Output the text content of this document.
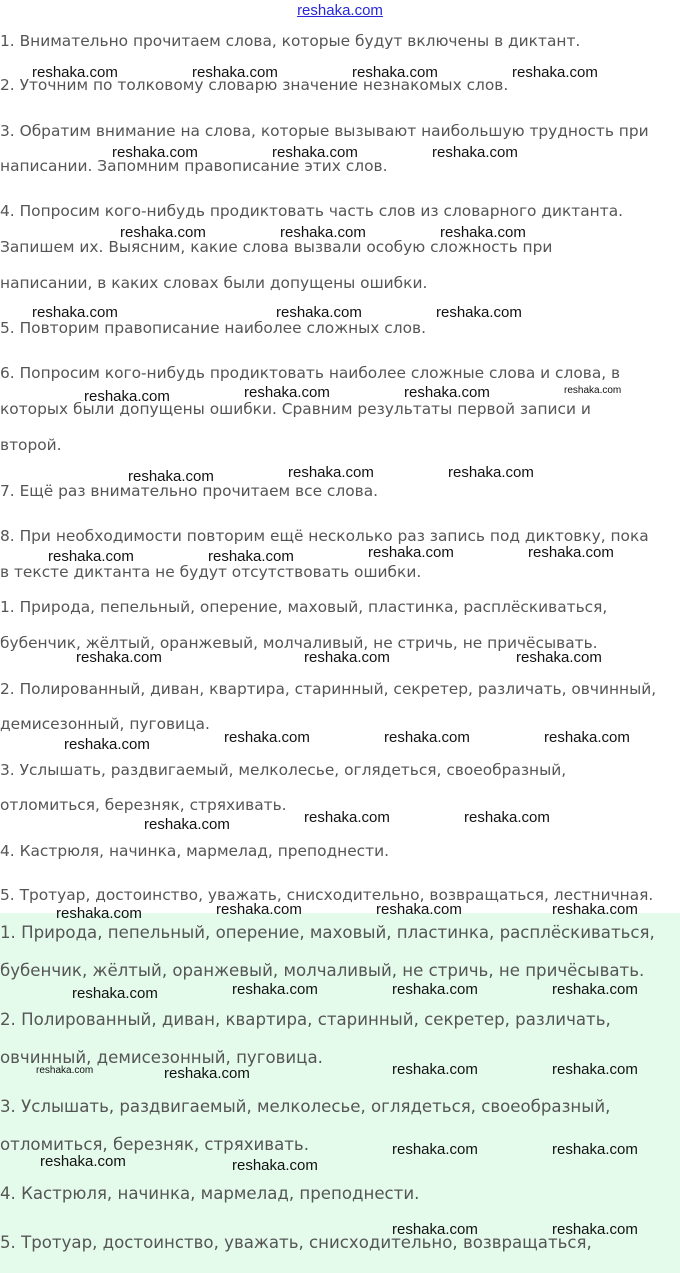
reshaka.com
1. Внимательно прочитаем слова, которые будут включены в диктант.
2. Уточним по толковому словарю значение незнакомых слов.
3. Обратим внимание на слова, которые вызывают наибольшую трудность при
написании. Запомним правописание этих слов.
4. Попросим кого-нибудь продиктовать часть слов из словарного диктанта.
Запишем их. Выясним, какие слова вызвали особую сложность при
написании, в каких словах были допущены ошибки.
5. Повторим правописание наиболее сложных слов.
6. Попросим кого-нибудь продиктовать наиболее сложные слова и слова, в
которых были допущены ошибки. Сравним результаты первой записи и
второй.
7. Ещё раз внимательно прочитаем все слова.
8. При необходимости повторим ещё несколько раз запись под диктовку, пока
в тексте диктанта не будут отсутствовать ошибки.
1. Природа, пепельный, оперение, маховый, пластинка, расплёскиваться,
бубенчик, жёлтый, оранжевый, молчаливый, не стричь, не причёсывать.
2. Полированный, диван, квартира, старинный, секретер, различать, овчинный,
демисезонный, пуговица.
3. Услышать, раздвигаемый, мелколесье, оглядеться, своеобразный,
отломиться, березняк, стряхивать.
4. Кастрюля, начинка, мармелад, преподнести.
5. Тротуар, достоинство, уважать, снисходительно, возвращаться, лестничная.
1. Природа, пепельный, оперение, маховый, пластинка, расплёскиваться,
бубенчик, жёлтый, оранжевый, молчаливый, не стричь, не причёсывать.
2. Полированный, диван, квартира, старинный, секретер, различать,
овчинный, демисезонный, пуговица.
3. Услышать, раздвигаемый, мелколесье, оглядеться, своеобразный,
отломиться, березняк, стряхивать.
4. Кастрюля, начинка, мармелад, преподнести.
5. Тротуар, достоинство, уважать, снисходительно, возвращаться,
reshaka.com	reshaka.com	reshaka.com	reshaka.com
reshaka.com	reshaka.com	reshaka.com
reshaka.com	reshaka.com	reshaka.com
reshaka.com	reshaka.com	reshaka.com
reshaka.com	reshaka.com	reshaka.com	reshaka.com
reshaka.com	reshaka.com	reshaka.com
reshaka.com	reshaka.com	reshaka.com	reshaka.com
reshaka.com	reshaka.com	reshaka.com
reshaka.com	reshaka.com	reshaka.com	reshaka.com
reshaka.com	reshaka.com	reshaka.com
reshaka.com	reshaka.com	reshaka.com	reshaka.com
reshaka.com	reshaka.com	reshaka.com	reshaka.com
reshaka.com	reshaka.com	reshaka.com	reshaka.com
reshaka.com	reshaka.com
reshaka.com	reshaka.com
reshaka.com	reshaka.com
